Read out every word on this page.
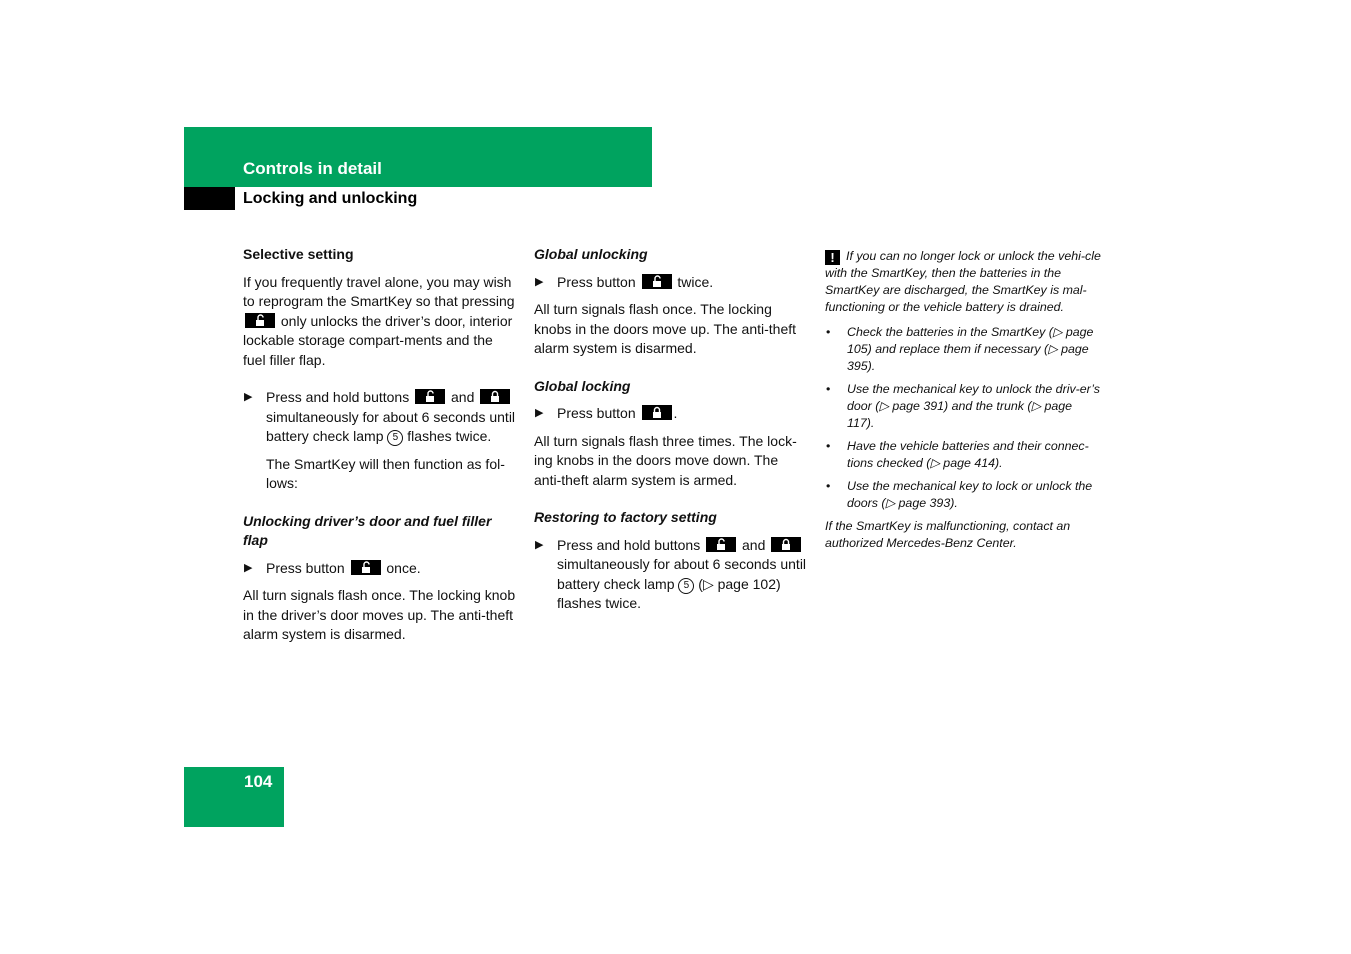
Controls in detail
Locking and unlocking
Selective setting

If you frequently travel alone, you may wish to reprogram the SmartKey so that pressing
only unlocks the driver’s door, interior lockable storage compart-ments and the fuel filler flap.

▶ Press and hold buttons	and
simultaneously for about 6 seconds until battery check lamp 5 flashes twice.
The SmartKey will then function as fol-lows:
Unlocking driver’s door and fuel filler flap
▶ Press button	once.

All turn signals flash once. The locking knob in the driver’s door moves up. The anti-theft alarm system is disarmed.

Global unlocking
▶ Press button	twice.

All turn signals flash once. The locking knobs in the doors move up. The anti-theft alarm system is disarmed.

Global locking
▶ Press button	.

All turn signals flash three times. The lock-ing knobs in the doors move down. The anti-theft alarm system is armed.

Restoring to factory setting
▶ Press and hold buttons	and
simultaneously for about 6 seconds until battery check lamp 5 (▷ page 102) flashes twice.

! If you can no longer lock or unlock the vehi-cle with the SmartKey, then the batteries in the SmartKey are discharged, the SmartKey is mal-functioning or the vehicle battery is drained.

• Check the batteries in the SmartKey (▷ page 105) and replace them if necessary (▷ page 395).
• Use the mechanical key to unlock the driv-er’s door (▷ page 391) and the trunk (▷ page 117).
• Have the vehicle batteries and their connec-tions checked (▷ page 414).
• Use the mechanical key to lock or unlock the doors (▷ page 393).

If the SmartKey is malfunctioning, contact an authorized Mercedes-Benz Center.

104
